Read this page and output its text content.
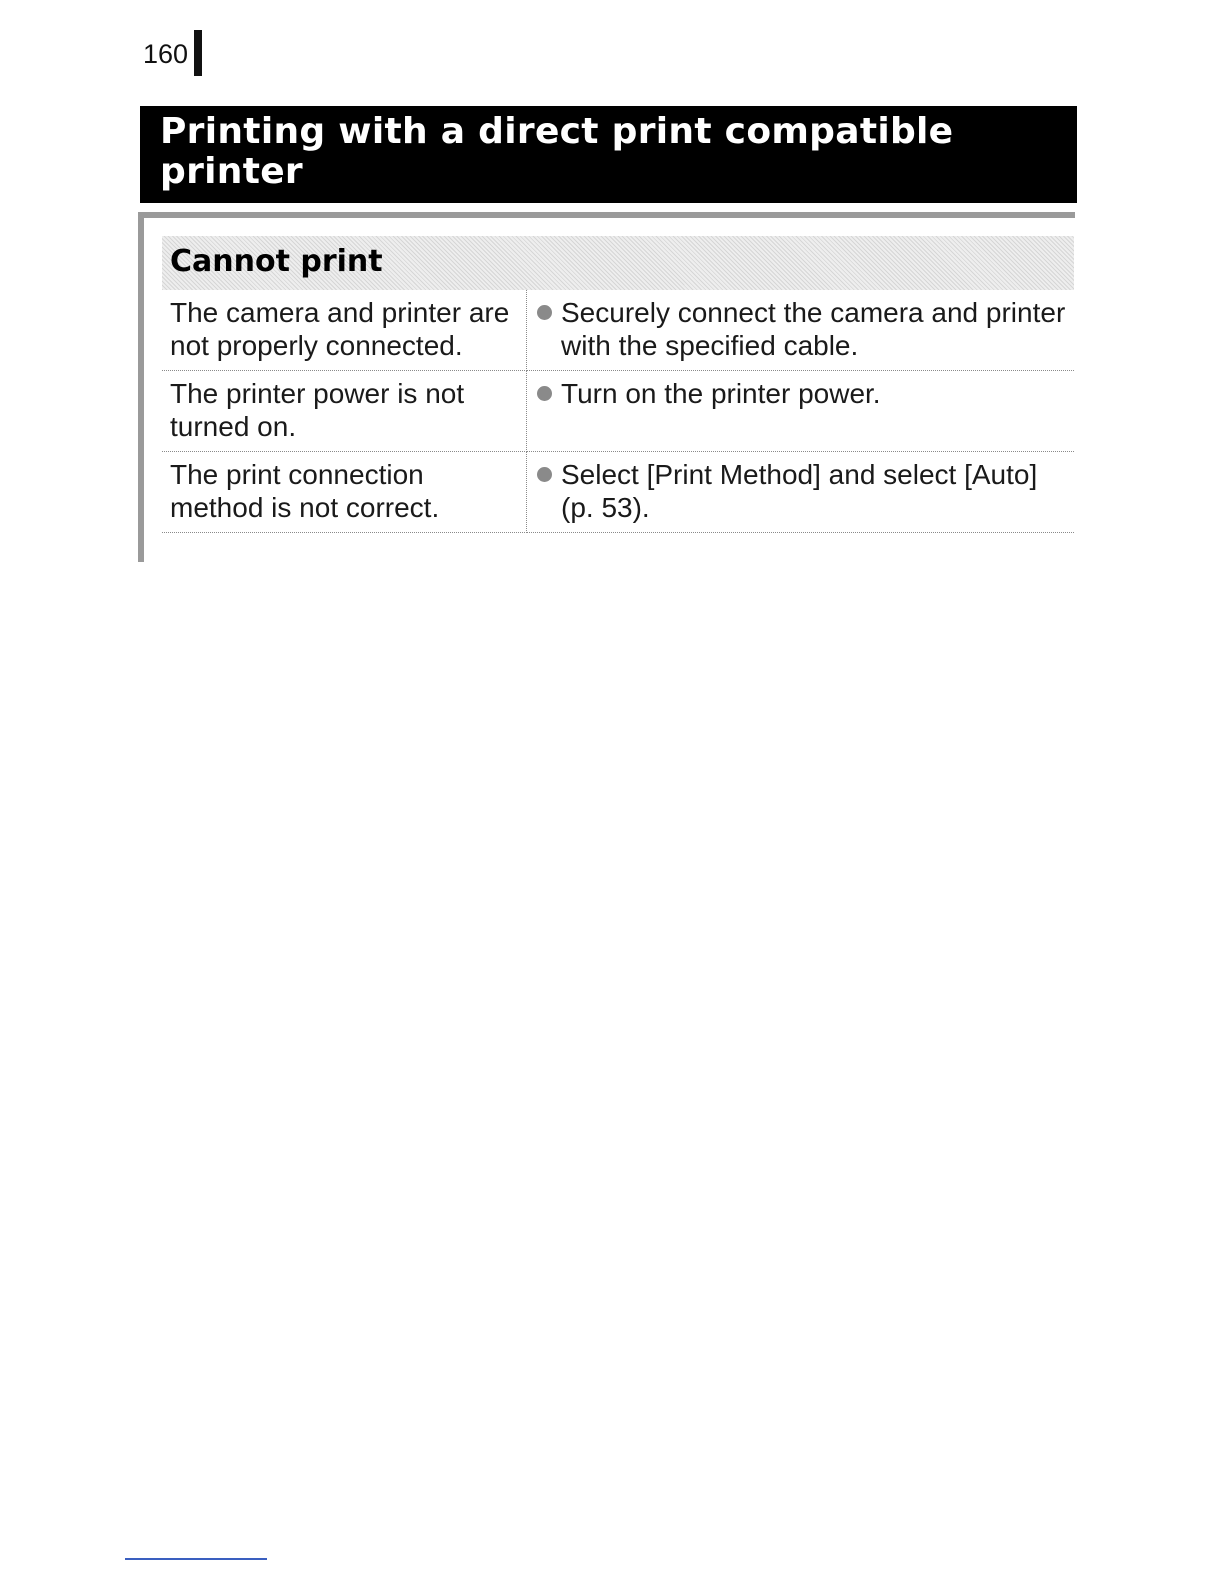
160
Printing with a direct print compatible printer
Cannot print
The camera and printer are not properly connected.	Securely connect the camera and printer with the specified cable.

The printer power is not turned on.	Turn on the printer power.

The print connection method is not correct.	Select [Print Method] and select [Auto] (p. 53).
